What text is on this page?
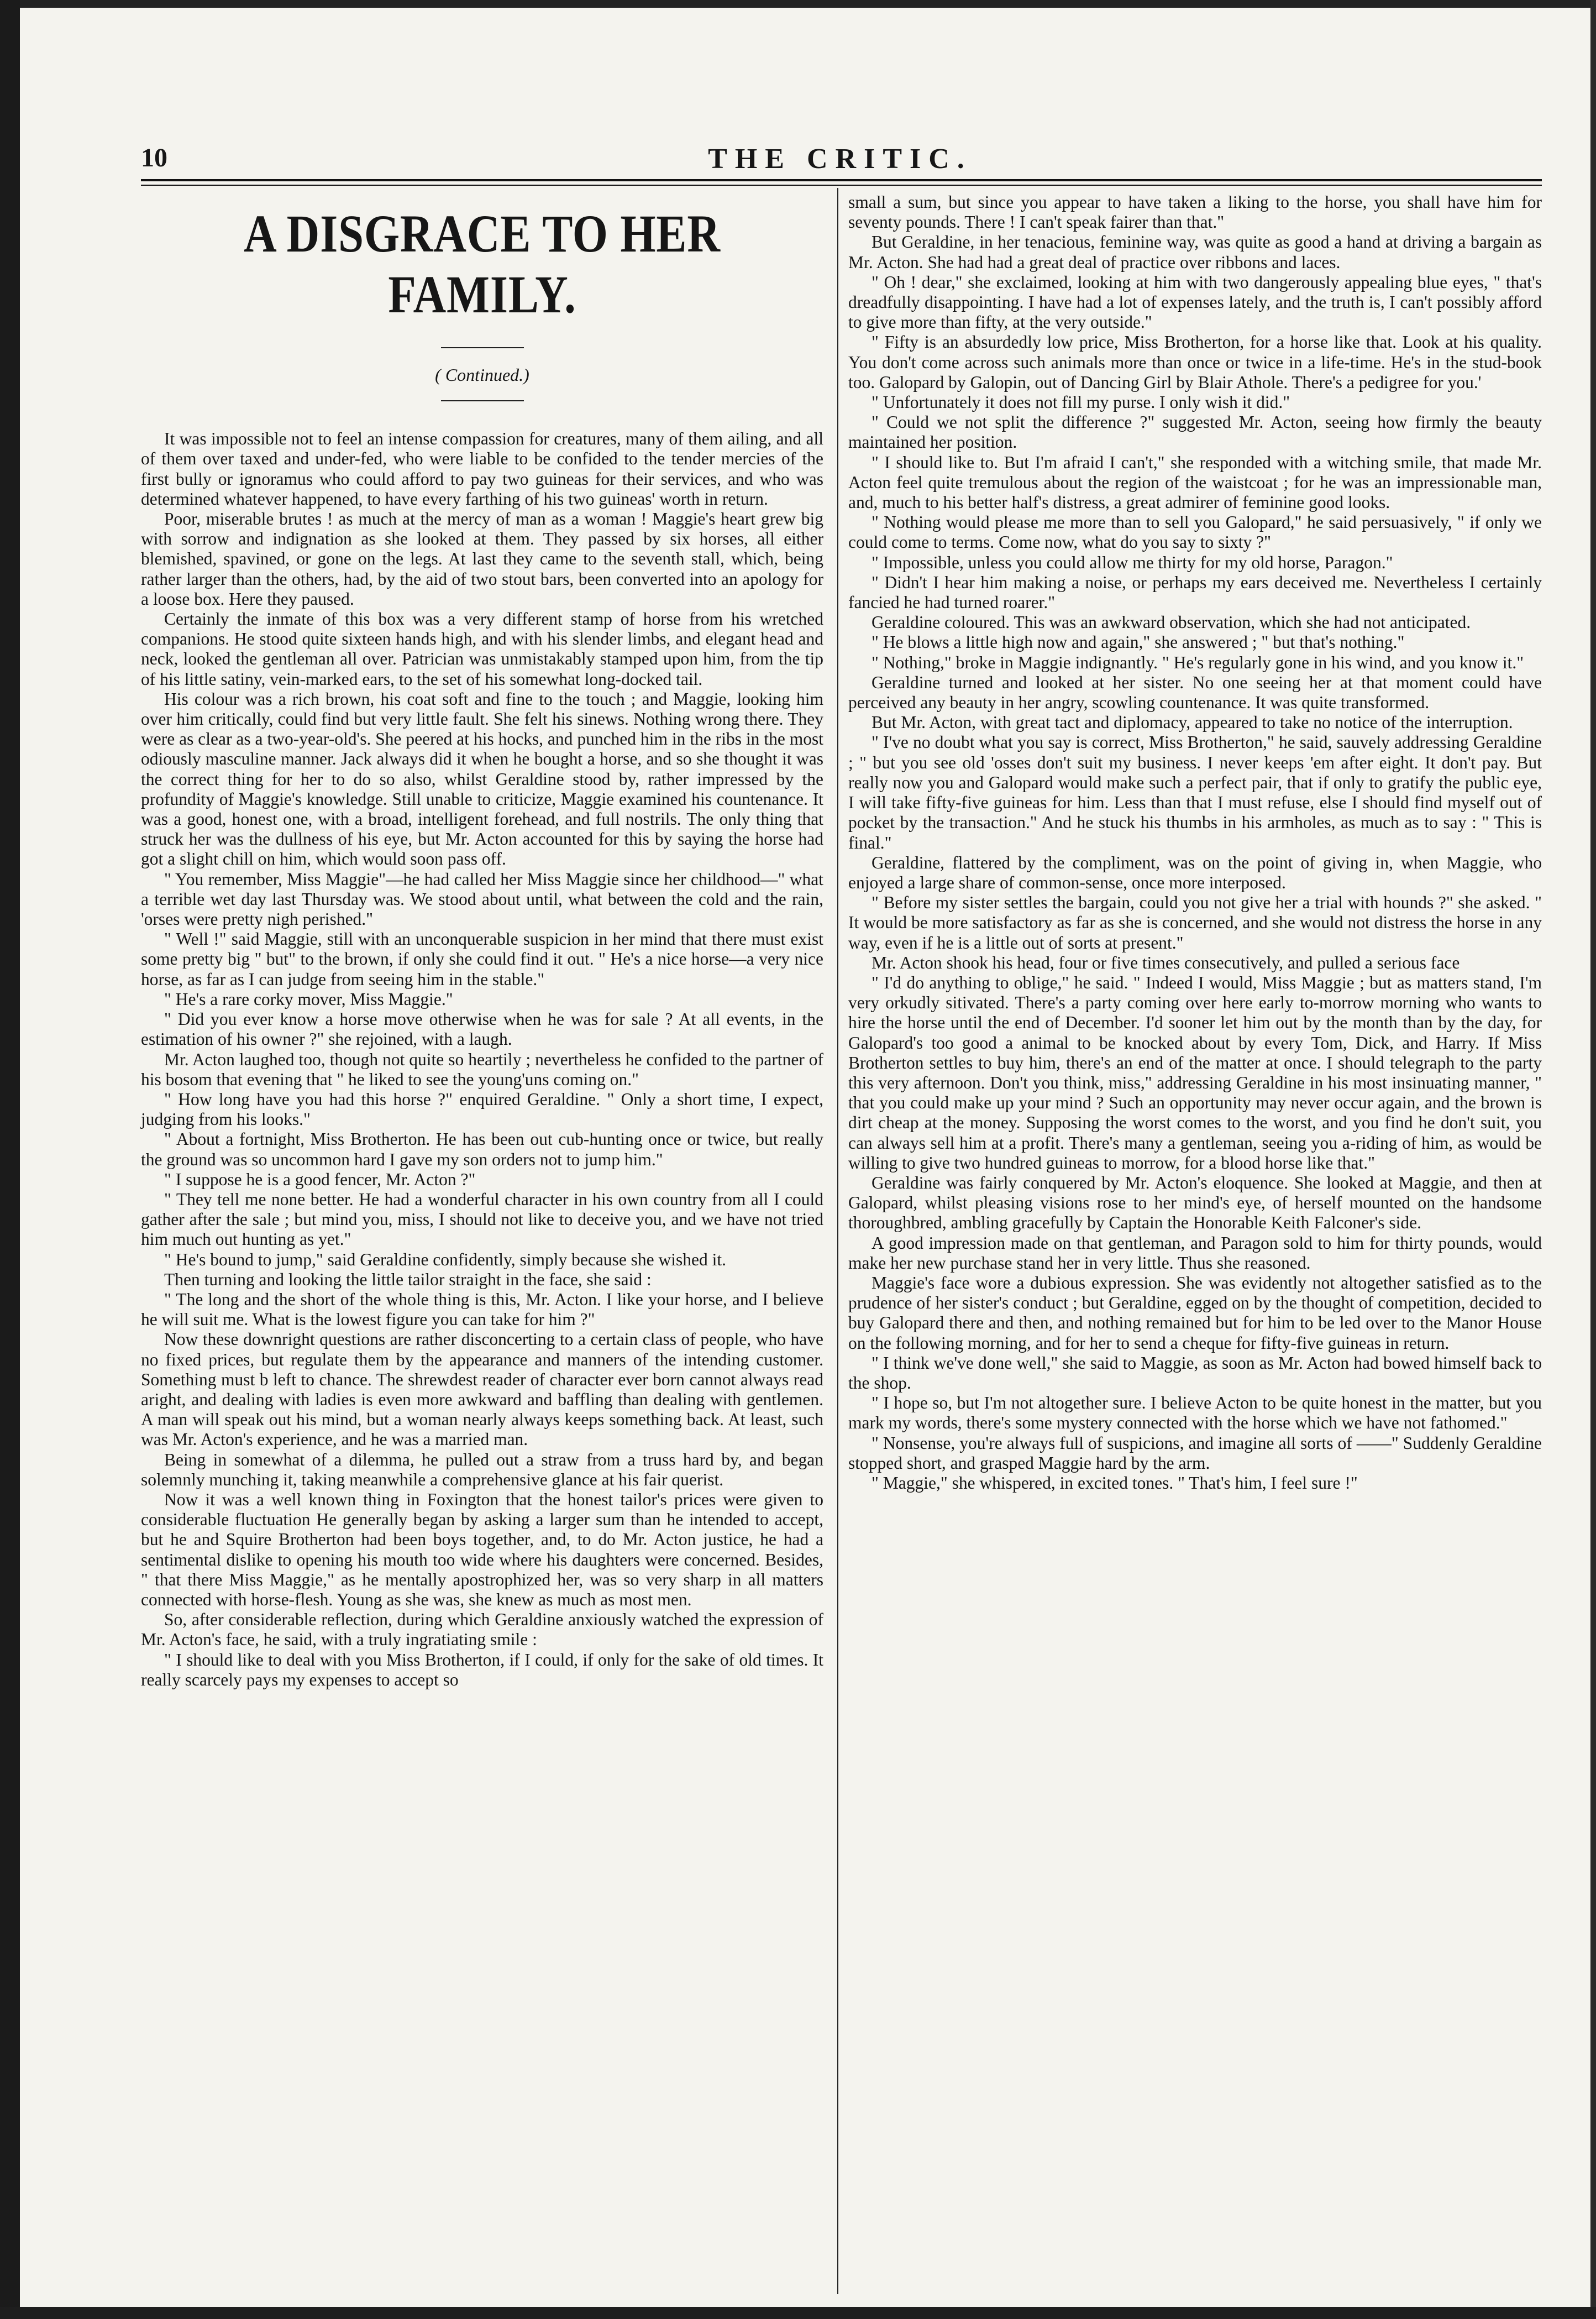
10	THE CRITIC.
A DISGRACE TO HER FAMILY.
( Continued.)

It was impossible not to feel an intense compassion for creatures, many of them ailing, and all of them over taxed and under-fed, who were liable to be confided to the tender mercies of the first bully or ignoramus who could afford to pay two guineas for their services, and who was determined whatever happened, to have every farthing of his two guineas' worth in return.

Poor, miserable brutes ! as much at the mercy of man as a woman ! Maggie's heart grew big with sorrow and indignation as she looked at them. They passed by six horses, all either blemished, spavined, or gone on the legs. At last they came to the seventh stall, which, being rather larger than the others, had, by the aid of two stout bars, been converted into an apology for a loose box. Here they paused.

Certainly the inmate of this box was a very different stamp of horse from his wretched companions. He stood quite sixteen hands high, and with his slender limbs, and elegant head and neck, looked the gentleman all over. Patrician was unmistakably stamped upon him, from the tip of his little satiny, vein-marked ears, to the set of his somewhat long-docked tail.

His colour was a rich brown, his coat soft and fine to the touch ; and Maggie, looking him over him critically, could find but very little fault. She felt his sinews. Nothing wrong there. They were as clear as a two-year-old's. She peered at his hocks, and punched him in the ribs in the most odiously masculine manner. Jack always did it when he bought a horse, and so she thought it was the correct thing for her to do so also, whilst Geraldine stood by, rather impressed by the profundity of Maggie's knowledge. Still unable to criticize, Maggie examined his countenance. It was a good, honest one, with a broad, intelligent forehead, and full nostrils. The only thing that struck her was the dullness of his eye, but Mr. Acton accounted for this by saying the horse had got a slight chill on him, which would soon pass off.

" You remember, Miss Maggie"—he had called her Miss Maggie since her childhood—" what a terrible wet day last Thursday was. We stood about until, what between the cold and the rain, 'orses were pretty nigh perished."

" Well !" said Maggie, still with an unconquerable suspicion in her mind that there must exist some pretty big " but" to the brown, if only she could find it out. " He's a nice horse—a very nice horse, as far as I can judge from seeing him in the stable."

" He's a rare corky mover, Miss Maggie."

" Did you ever know a horse move otherwise when he was for sale ? At all events, in the estimation of his owner ?" she rejoined, with a laugh.

Mr. Acton laughed too, though not quite so heartily ; nevertheless he confided to the partner of his bosom that evening that " he liked to see the young'uns coming on."

" How long have you had this horse ?" enquired Geraldine. " Only a short time, I expect, judging from his looks."

" About a fortnight, Miss Brotherton. He has been out cub-hunting once or twice, but really the ground was so uncommon hard I gave my son orders not to jump him."

" I suppose he is a good fencer, Mr. Acton ?"

" They tell me none better. He had a wonderful character in his own country from all I could gather after the sale ; but mind you, miss, I should not like to deceive you, and we have not tried him much out hunting as yet."

" He's bound to jump," said Geraldine confidently, simply because she wished it.

Then turning and looking the little tailor straight in the face, she said :

" The long and the short of the whole thing is this, Mr. Acton. I like your horse, and I believe he will suit me. What is the lowest figure you can take for him ?"

Now these downright questions are rather disconcerting to a certain class of people, who have no fixed prices, but regulate them by the appearance and manners of the intending customer. Something must b left to chance. The shrewdest reader of character ever born cannot always read aright, and dealing with ladies is even more awkward and baffling than dealing with gentlemen. A man will speak out his mind, but a woman nearly always keeps something back. At least, such was Mr. Acton's experience, and he was a married man.

Being in somewhat of a dilemma, he pulled out a straw from a truss hard by, and began solemnly munching it, taking meanwhile a comprehensive glance at his fair querist.

Now it was a well known thing in Foxington that the honest tailor's prices were given to considerable fluctuation He generally began by asking a larger sum than he intended to accept, but he and Squire Brotherton had been boys together, and, to do Mr. Acton justice, he had a sentimental dislike to opening his mouth too wide where his daughters were concerned. Besides, " that there Miss Maggie," as he mentally apostrophized her, was so very sharp in all matters connected with horse-flesh. Young as she was, she knew as much as most men.

So, after considerable reflection, during which Geraldine anxiously watched the expression of Mr. Acton's face, he said, with a truly ingratiating smile :

" I should like to deal with you Miss Brotherton, if I could, if only for the sake of old times. It really scarcely pays my expenses to accept so

small a sum, but since you appear to have taken a liking to the horse, you shall have him for seventy pounds. There ! I can't speak fairer than that."

But Geraldine, in her tenacious, feminine way, was quite as good a hand at driving a bargain as Mr. Acton. She had had a great deal of practice over ribbons and laces.

" Oh ! dear," she exclaimed, looking at him with two dangerously appealing blue eyes, " that's dreadfully disappointing. I have had a lot of expenses lately, and the truth is, I can't possibly afford to give more than fifty, at the very outside."

" Fifty is an absurdedly low price, Miss Brotherton, for a horse like that. Look at his quality. You don't come across such animals more than once or twice in a life-time. He's in the stud-book too. Galopard by Galopin, out of Dancing Girl by Blair Athole. There's a pedigree for you.'

" Unfortunately it does not fill my purse. I only wish it did."

" Could we not split the difference ?" suggested Mr. Acton, seeing how firmly the beauty maintained her position.

" I should like to. But I'm afraid I can't," she responded with a witching smile, that made Mr. Acton feel quite tremulous about the region of the waistcoat ; for he was an impressionable man, and, much to his better half's distress, a great admirer of feminine good looks.

" Nothing would please me more than to sell you Galopard," he said persuasively, " if only we could come to terms. Come now, what do you say to sixty ?"

" Impossible, unless you could allow me thirty for my old horse, Paragon."

" Didn't I hear him making a noise, or perhaps my ears deceived me. Nevertheless I certainly fancied he had turned roarer."

Geraldine coloured. This was an awkward observation, which she had not anticipated.

" He blows a little high now and again," she answered ; " but that's nothing."

" Nothing," broke in Maggie indignantly. " He's regularly gone in his wind, and you know it."

Geraldine turned and looked at her sister. No one seeing her at that moment could have perceived any beauty in her angry, scowling countenance. It was quite transformed.

But Mr. Acton, with great tact and diplomacy, appeared to take no notice of the interruption.

" I've no doubt what you say is correct, Miss Brotherton," he said, sauvely addressing Geraldine ; " but you see old 'osses don't suit my business. I never keeps 'em after eight. It don't pay. But really now you and Galopard would make such a perfect pair, that if only to gratify the public eye, I will take fifty-five guineas for him. Less than that I must refuse, else I should find myself out of pocket by the transaction." And he stuck his thumbs in his armholes, as much as to say : " This is final."

Geraldine, flattered by the compliment, was on the point of giving in, when Maggie, who enjoyed a large share of common-sense, once more interposed.

" Before my sister settles the bargain, could you not give her a trial with hounds ?" she asked. " It would be more satisfactory as far as she is concerned, and she would not distress the horse in any way, even if he is a little out of sorts at present."

Mr. Acton shook his head, four or five times consecutively, and pulled a serious face

" I'd do anything to oblige," he said. " Indeed I would, Miss Maggie ; but as matters stand, I'm very orkudly sitivated. There's a party coming over here early to-morrow morning who wants to hire the horse until the end of December. I'd sooner let him out by the month than by the day, for Galopard's too good a animal to be knocked about by every Tom, Dick, and Harry. If Miss Brotherton settles to buy him, there's an end of the matter at once. I should telegraph to the party this very afternoon. Don't you think, miss," addressing Geraldine in his most insinuating manner, " that you could make up your mind ? Such an opportunity may never occur again, and the brown is dirt cheap at the money. Supposing the worst comes to the worst, and you find he don't suit, you can always sell him at a profit. There's many a gentleman, seeing you a-riding of him, as would be willing to give two hundred guineas to morrow, for a blood horse like that."

Geraldine was fairly conquered by Mr. Acton's eloquence. She looked at Maggie, and then at Galopard, whilst pleasing visions rose to her mind's eye, of herself mounted on the handsome thoroughbred, ambling gracefully by Captain the Honorable Keith Falconer's side.

A good impression made on that gentleman, and Paragon sold to him for thirty pounds, would make her new purchase stand her in very little. Thus she reasoned.

Maggie's face wore a dubious expression. She was evidently not altogether satisfied as to the prudence of her sister's conduct ; but Geraldine, egged on by the thought of competition, decided to buy Galopard there and then, and nothing remained but for him to be led over to the Manor House on the following morning, and for her to send a cheque for fifty-five guineas in return.

" I think we've done well," she said to Maggie, as soon as Mr. Acton had bowed himself back to the shop.

" I hope so, but I'm not altogether sure. I believe Acton to be quite honest in the matter, but you mark my words, there's some mystery connected with the horse which we have not fathomed."

" Nonsense, you're always full of suspicions, and imagine all sorts of ——" Suddenly Geraldine stopped short, and grasped Maggie hard by the arm.

" Maggie," she whispered, in excited tones. " That's him, I feel sure !"
